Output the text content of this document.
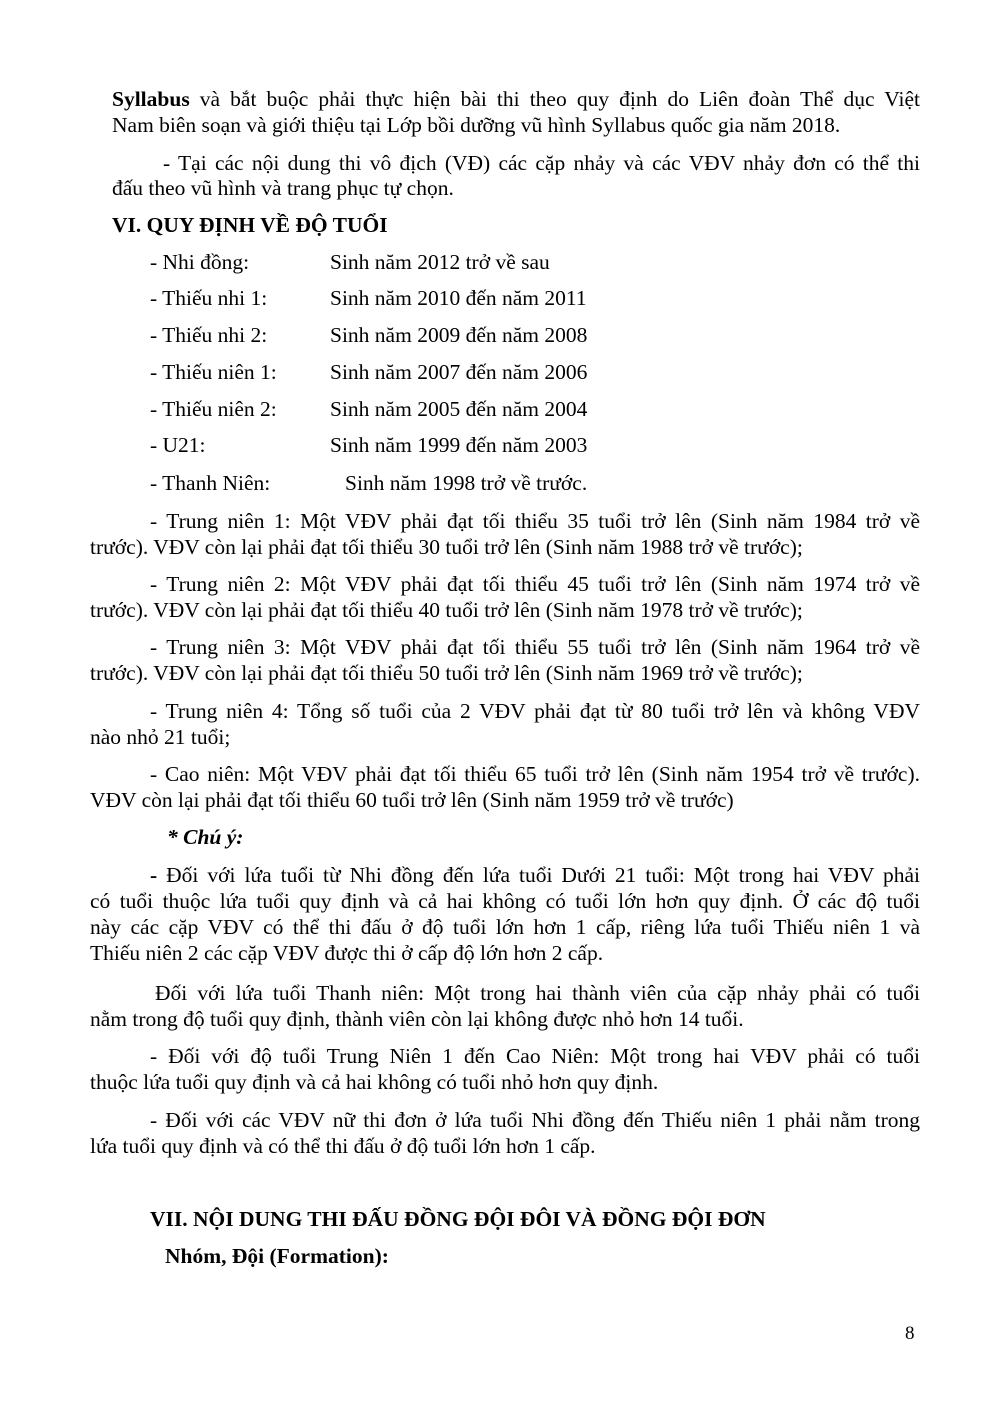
Syllabus và bắt buộc phải thực hiện bài thi theo quy định do Liên đoàn Thể dục Việt
Nam biên soạn và giới thiệu tại Lớp bồi dưỡng vũ hình Syllabus quốc gia năm 2018.
- Tại các nội dung thi vô địch (VĐ) các cặp nhảy và các VĐV nhảy đơn có thể thi
đấu theo vũ hình và trang phục tự chọn.
VI. QUY ĐỊNH VỀ ĐỘ TUỔI
- Nhi đồng:	Sinh năm 2012 trở về sau
- Thiếu nhi 1:	Sinh năm 2010 đến năm 2011
- Thiếu nhi 2:	Sinh năm 2009 đến năm 2008
- Thiếu niên 1: Sinh năm 2007 đến năm 2006
- Thiếu niên 2: Sinh năm 2005 đến năm 2004
- U21:	Sinh năm 1999 đến năm 2003
- Thanh Niên:	Sinh năm 1998 trở về trước.
- Trung niên 1: Một VĐV phải đạt tối thiểu 35 tuổi trở lên (Sinh năm 1984 trở về
trước). VĐV còn lại phải đạt tối thiểu 30 tuổi trở lên (Sinh năm 1988 trở về trước);
- Trung niên 2: Một VĐV phải đạt tối thiểu 45 tuổi trở lên (Sinh năm 1974 trở về
trước). VĐV còn lại phải đạt tối thiểu 40 tuổi trở lên (Sinh năm 1978 trở về trước);
- Trung niên 3: Một VĐV phải đạt tối thiểu 55 tuổi trở lên (Sinh năm 1964 trở về
trước). VĐV còn lại phải đạt tối thiểu 50 tuổi trở lên (Sinh năm 1969 trở về trước);
- Trung niên 4: Tổng số tuổi của 2 VĐV phải đạt từ 80 tuổi trở lên và không VĐV
nào nhỏ 21 tuổi;
- Cao niên: Một VĐV phải đạt tối thiểu 65 tuổi trở lên (Sinh năm 1954 trở về trước).
VĐV còn lại phải đạt tối thiểu 60 tuổi trở lên (Sinh năm 1959 trở về trước)
* Chú ý:
- Đối với lứa tuổi từ Nhi đồng đến lứa tuổi Dưới 21 tuổi: Một trong hai VĐV phải
có tuổi thuộc lứa tuổi quy định và cả hai không có tuổi lớn hơn quy định. Ở các độ tuổi
này các cặp VĐV có thể thi đấu ở độ tuổi lớn hơn 1 cấp, riêng lứa tuổi Thiếu niên 1 và
Thiếu niên 2 các cặp VĐV được thi ở cấp độ lớn hơn 2 cấp.
Đối với lứa tuổi Thanh niên: Một trong hai thành viên của cặp nhảy phải có tuổi
nằm trong độ tuổi quy định, thành viên còn lại không được nhỏ hơn 14 tuổi.
- Đối với độ tuổi Trung Niên 1 đến Cao Niên: Một trong hai VĐV phải có tuổi
thuộc lứa tuổi quy định và cả hai không có tuổi nhỏ hơn quy định.
- Đối với các VĐV nữ thi đơn ở lứa tuổi Nhi đồng đến Thiếu niên 1 phải nằm trong
lứa tuổi quy định và có thể thi đấu ở độ tuổi lớn hơn 1 cấp.
VII. NỘI DUNG THI ĐẤU ĐỒNG ĐỘI ĐÔI VÀ ĐỒNG ĐỘI ĐƠN
Nhóm, Đội (Formation):
8
